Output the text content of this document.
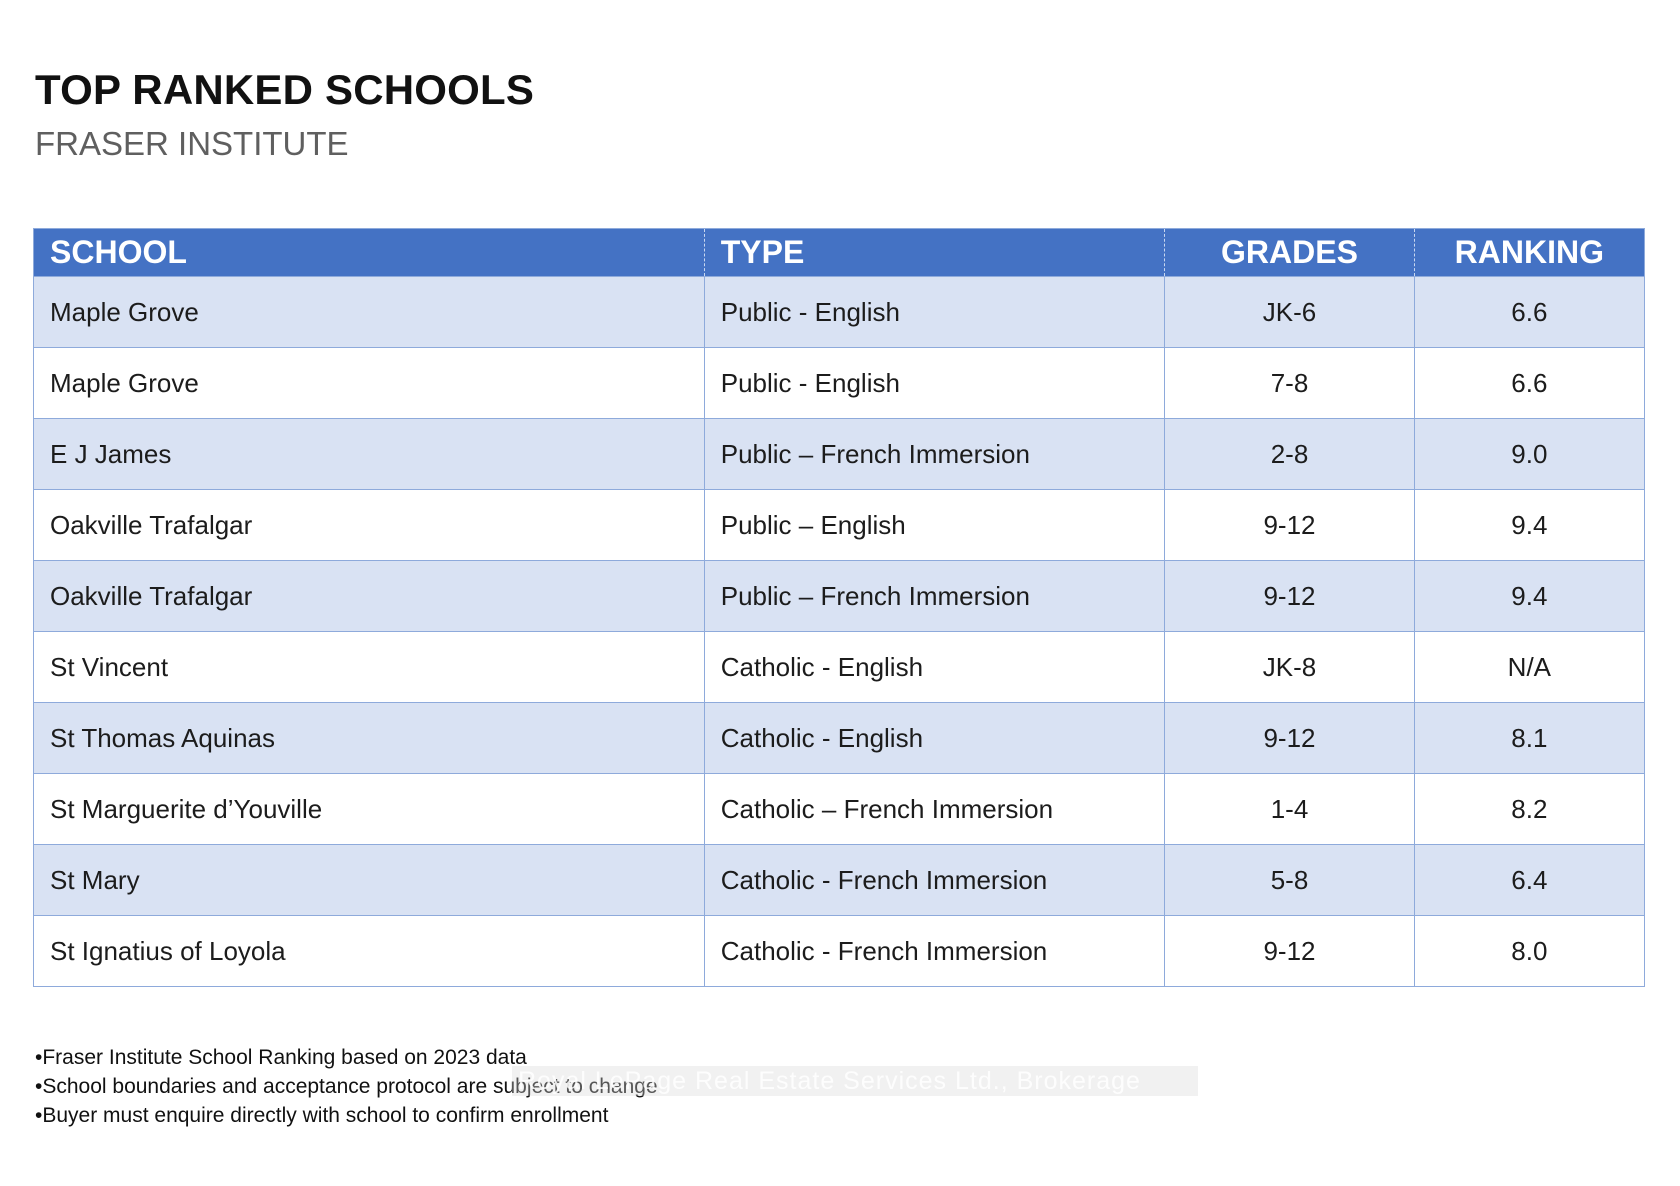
TOP RANKED SCHOOLS
FRASER INSTITUTE
SCHOOL	TYPE	GRADES	RANKING
Maple Grove	Public - English	JK-6	6.6
Maple Grove	Public - English	7-8	6.6
E J James	Public – French Immersion	2-8	9.0
Oakville Trafalgar	Public – English	9-12	9.4
Oakville Trafalgar	Public – French Immersion	9-12	9.4
St Vincent	Catholic - English	JK-8	N/A
St Thomas Aquinas	Catholic - English	9-12	8.1
St Marguerite d’Youville	Catholic – French Immersion	1-4	8.2
St Mary	Catholic - French Immersion	5-8	6.4
St Ignatius of Loyola	Catholic - French Immersion	9-12	8.0
•Fraser Institute School Ranking based on 2023 data
•School boundaries and acceptance protocol are subject to change
•Buyer must enquire directly with school to confirm enrollment
Royal LePage Real Estate Services Ltd., Brokerage
